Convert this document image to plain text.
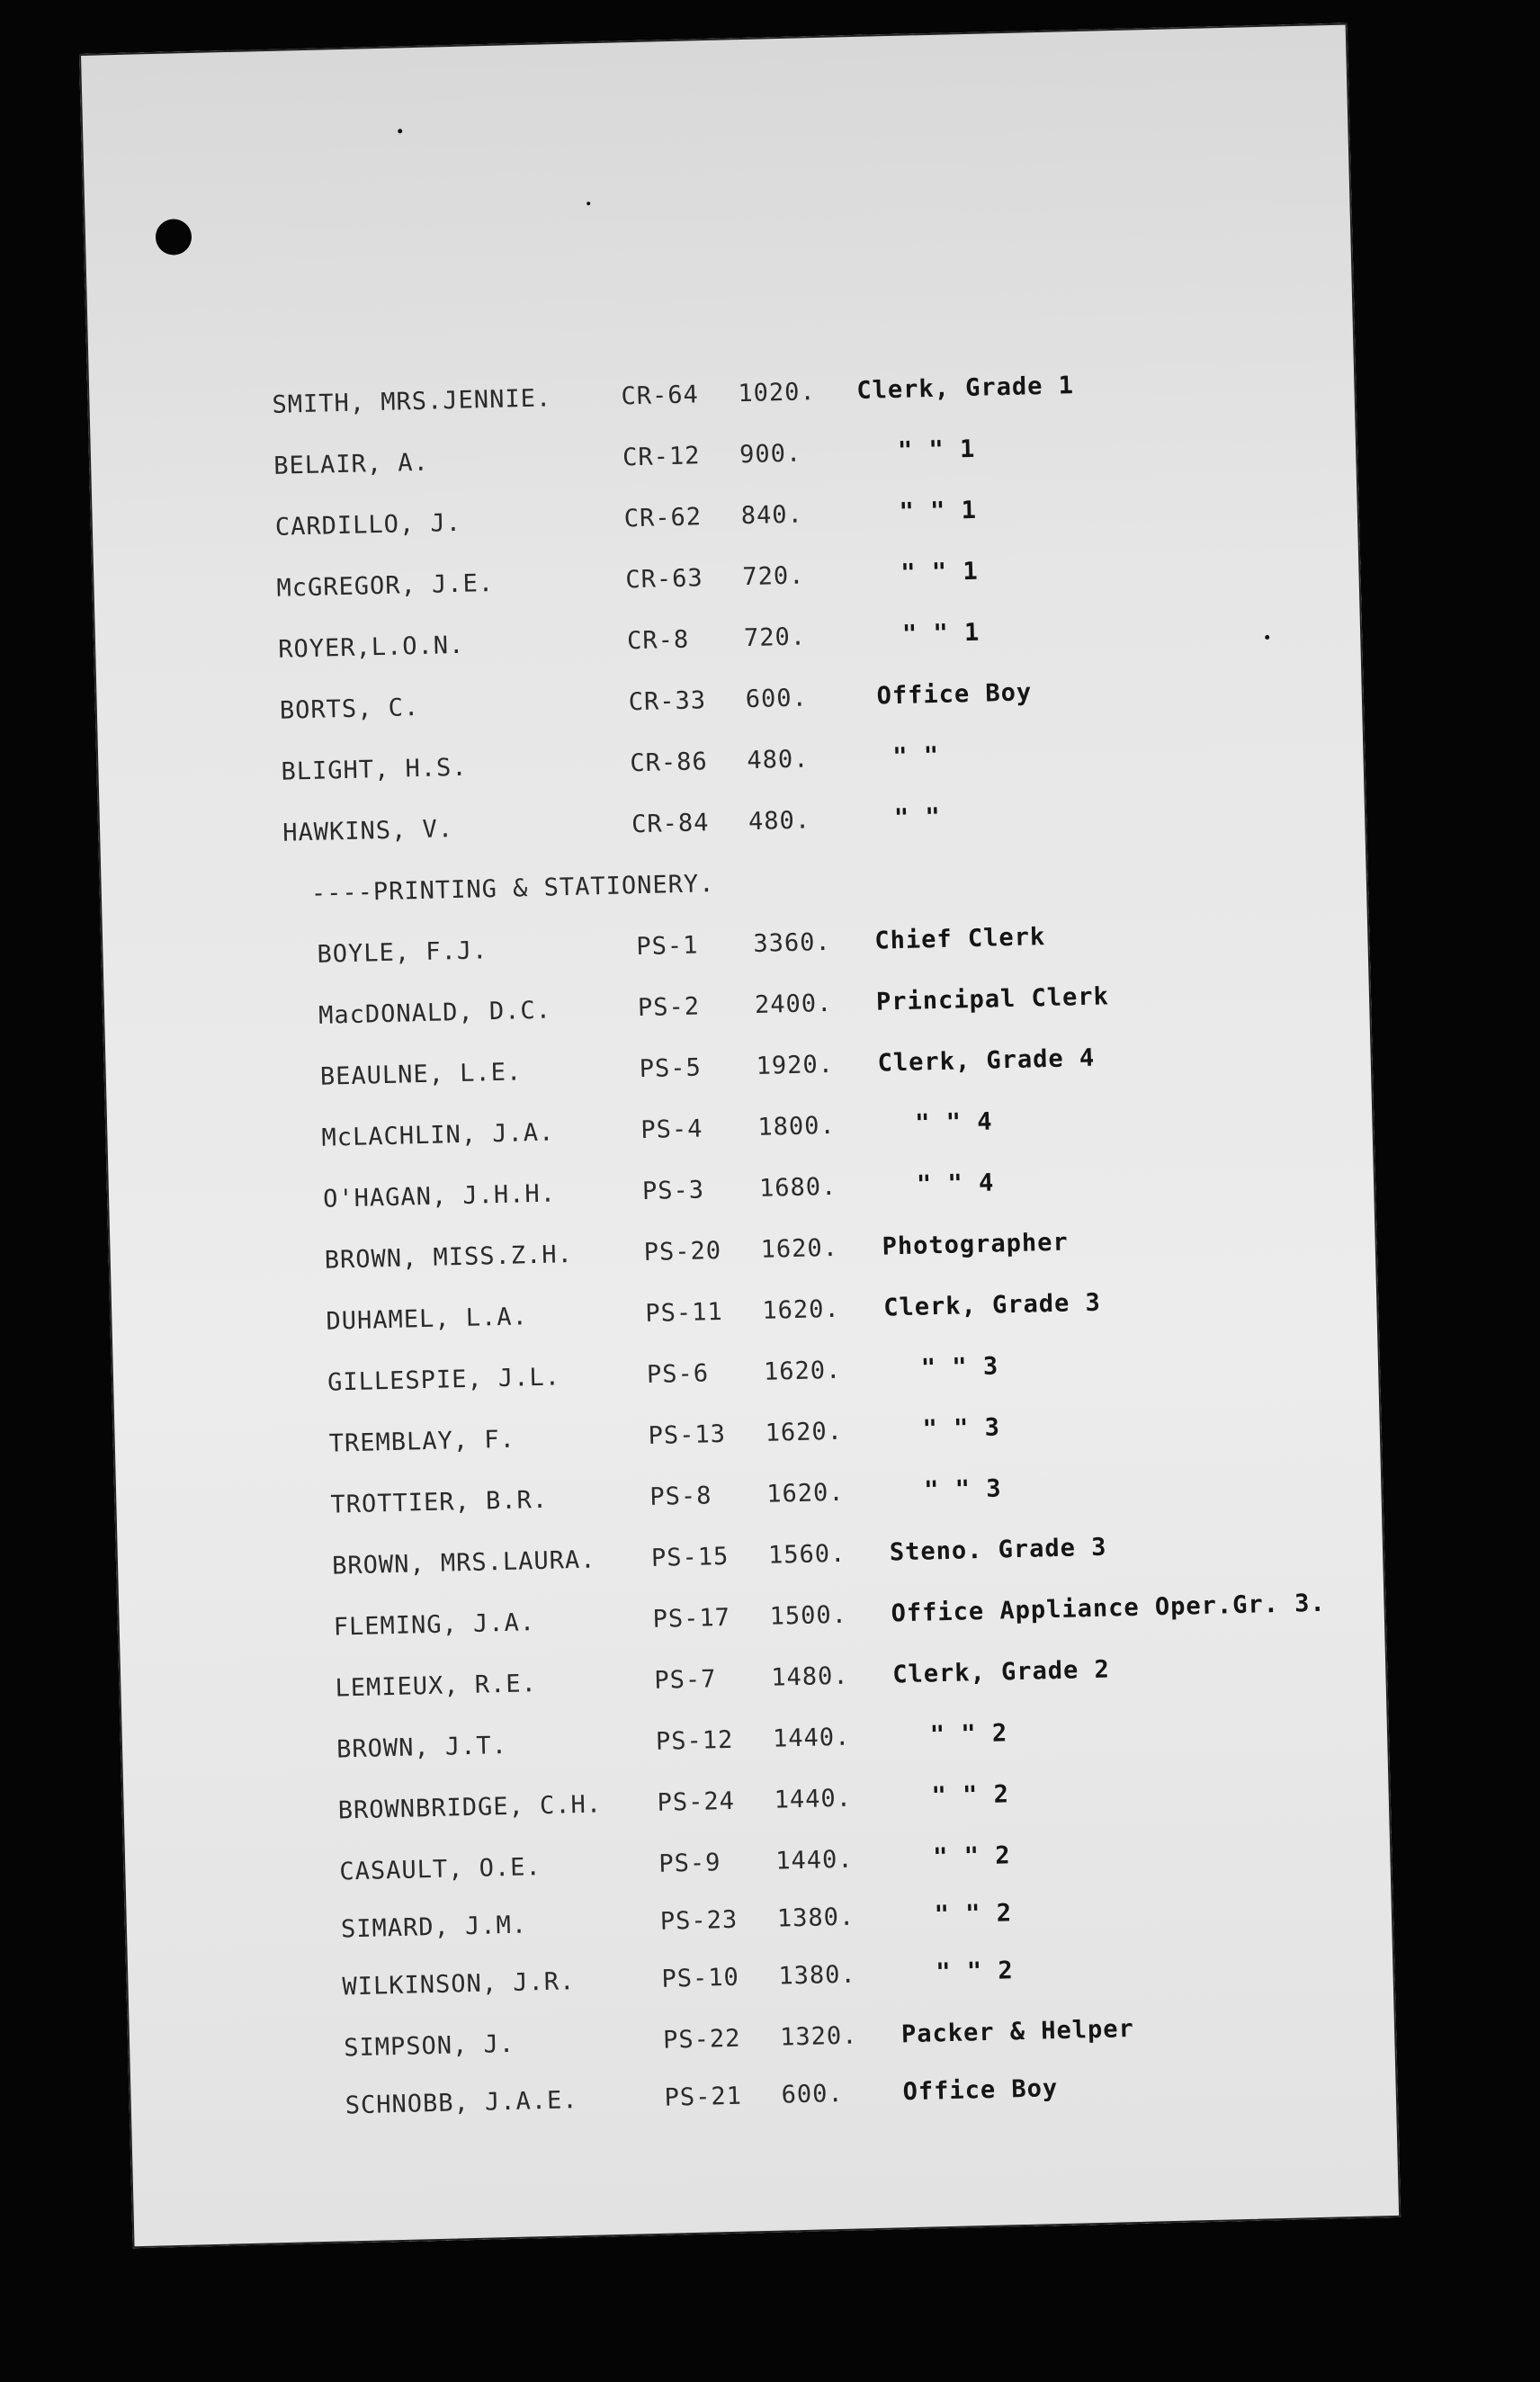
SMITH, MRS.JENNIE.	CR-64 1020. Clerk, Grade 1
BELAIR, A.	CR-12 900.	" " 1
CARDILLO, J.	CR-62 840.	" " 1
McGREGOR, J.E.	CR-63 720.	" " 1
ROYER,L.O.N.	CR-8 720.	" " 1
BORTS, C.	CR-33 600.	Office Boy
BLIGHT, H.S.	CR-86 480.	" "
HAWKINS, V.	CR-84 480.	" "
----PRINTING & STATIONERY.
BOYLE, F.J.	PS-1 3360. Chief Clerk
MacDONALD, D.C.	PS-2 2400. Principal Clerk
BEAULNE, L.E.	PS-5 1920. Clerk, Grade 4
McLACHLIN, J.A.	PS-4 1800.	" " 4
O'HAGAN, J.H.H.	PS-3 1680.	" " 4
BROWN, MISS.Z.H.	PS-20 1620. Photographer
DUHAMEL, L.A.	PS-11 1620. Clerk, Grade 3
GILLESPIE, J.L.	PS-6 1620.	" " 3
TREMBLAY, F.	PS-13 1620.	" " 3
TROTTIER, B.R.	PS-8 1620.	" " 3
BROWN, MRS.LAURA. PS-15 1560. Steno. Grade 3
FLEMING, J.A.	PS-17 1500. Office Appliance Oper.Gr. 3.
LEMIEUX, R.E.	PS-7 1480. Clerk, Grade 2
BROWN, J.T.	PS-12 1440.	" " 2
BROWNBRIDGE, C.H. PS-24 1440.	" " 2
CASAULT, O.E.	PS-9 1440.	" " 2
SIMARD, J.M.	PS-23 1380.	" " 2
WILKINSON, J.R.	PS-10 1380.	" " 2
SIMPSON, J.	PS-22 1320. Packer & Helper
SCHNOBB, J.A.E.	PS-21 600. Office Boy
